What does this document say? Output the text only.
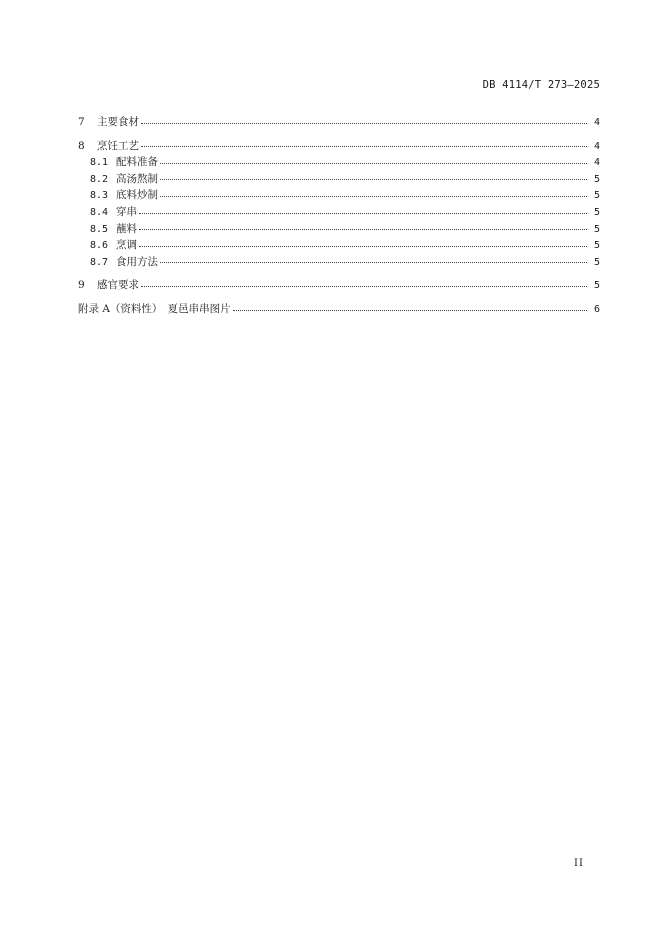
DB 4114/T 273—2025
7	主要食材	4
8	烹饪工艺	4
8.1 配料准备	4
8.2 高汤熬制	5
8.3 底料炒制	5
8.4 穿串	5
8.5 蘸料	5
8.6 烹调	5
8.7 食用方法	5
9	感官要求	5
附录 A（资料性）　夏邑串串图片	6
II
